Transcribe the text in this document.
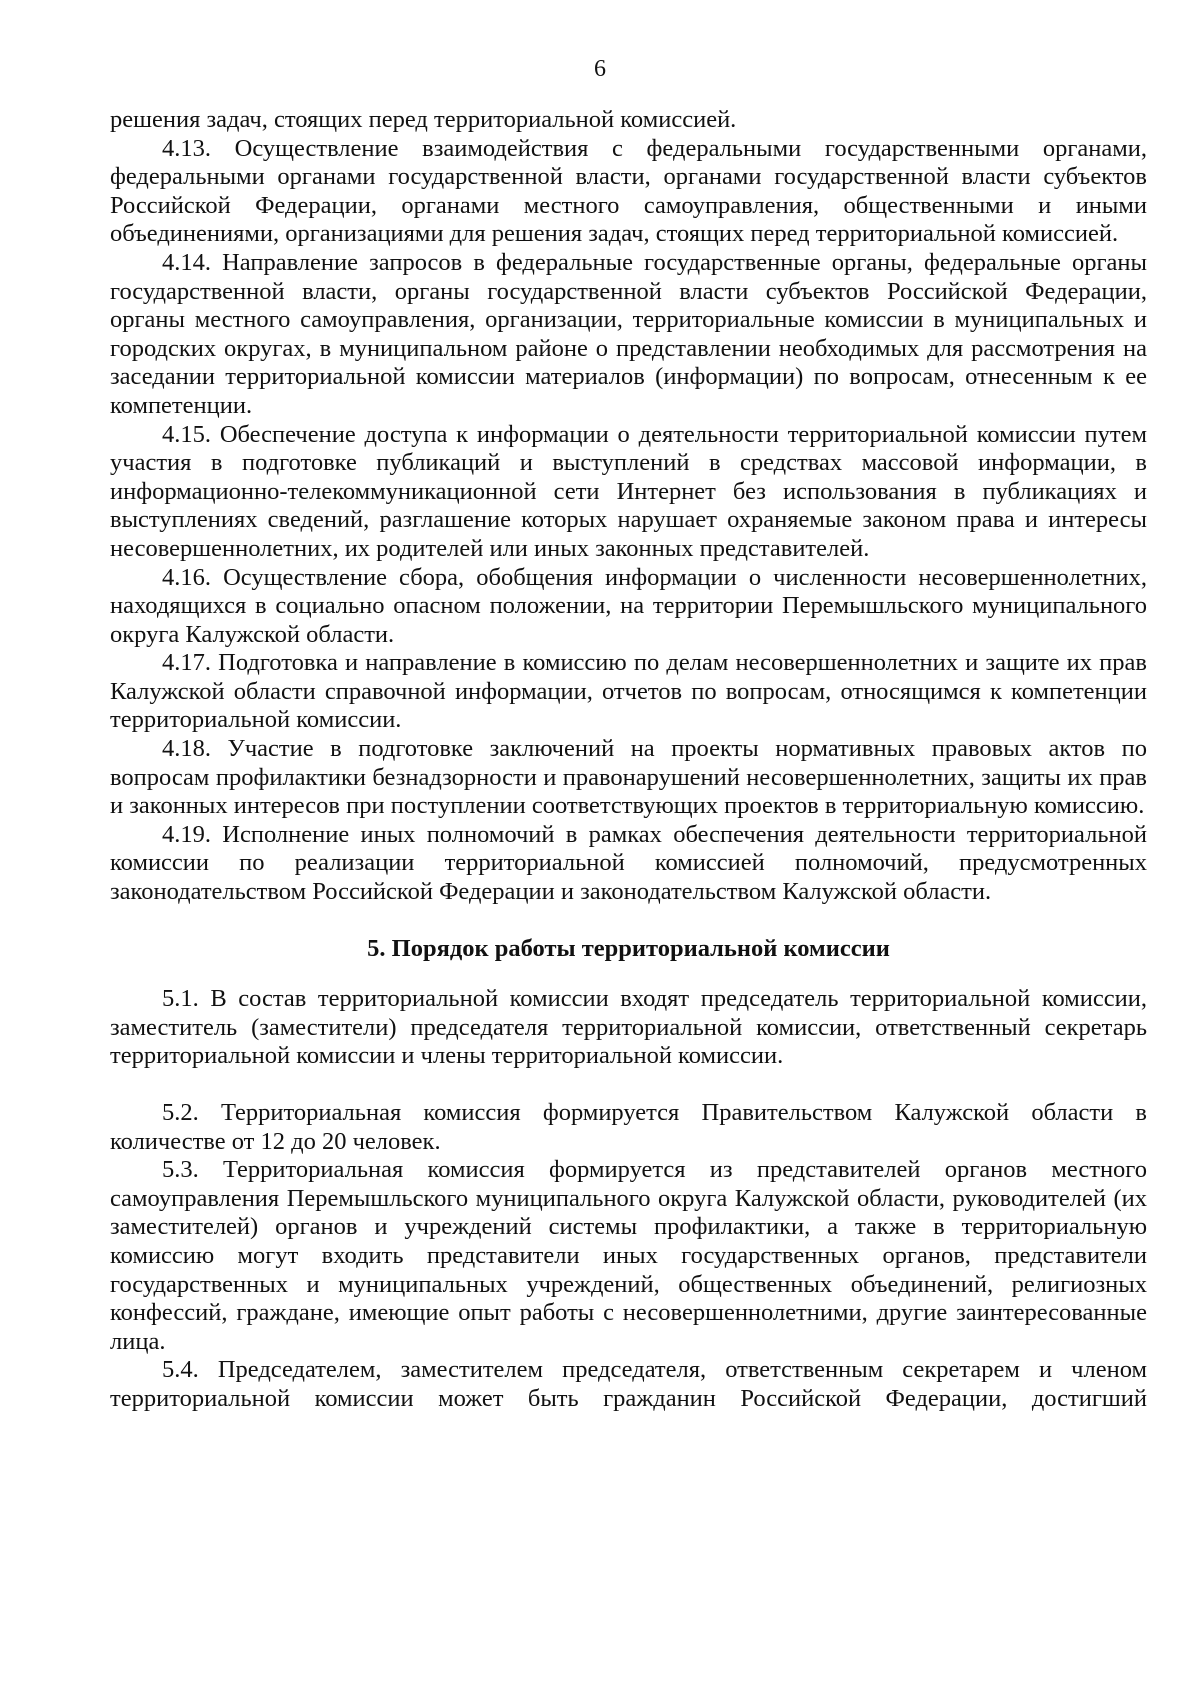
6

решения задач, стоящих перед территориальной комиссией.

4.13. Осуществление взаимодействия с федеральными государственными органами, федеральными органами государственной власти, органами государственной власти субъектов Российской Федерации, органами местного самоуправления, общественными и иными объединениями, организациями для решения задач, стоящих перед территориальной комиссией.

4.14. Направление запросов в федеральные государственные органы, федеральные органы государственной власти, органы государственной власти субъектов Российской Федерации, органы местного самоуправления, организации, территориальные комиссии в муниципальных и городских округах, в муниципальном районе о представлении необходимых для рассмотрения на заседании территориальной комиссии материалов (информации) по вопросам, отнесенным к ее компетенции.

4.15. Обеспечение доступа к информации о деятельности территориальной комиссии путем участия в подготовке публикаций и выступлений в средствах массовой информации, в информационно-телекоммуникационной сети Интернет без использования в публикациях и выступлениях сведений, разглашение которых нарушает охраняемые законом права и интересы несовершеннолетних, их родителей или иных законных представителей.

4.16. Осуществление сбора, обобщения информации о численности несовершеннолетних, находящихся в социально опасном положении, на территории Перемышльского муниципального округа Калужской области.

4.17. Подготовка и направление в комиссию по делам несовершеннолетних и защите их прав Калужской области справочной информации, отчетов по вопросам, относящимся к компетенции территориальной комиссии.

4.18. Участие в подготовке заключений на проекты нормативных правовых актов по вопросам профилактики безнадзорности и правонарушений несовершеннолетних, защиты их прав и законных интересов при поступлении соответствующих проектов в территориальную комиссию.

4.19. Исполнение иных полномочий в рамках обеспечения деятельности территориальной комиссии по реализации территориальной комиссией полномочий, предусмотренных законодательством Российской Федерации и законодательством Калужской области.

5. Порядок работы территориальной комиссии

5.1. В состав территориальной комиссии входят председатель территориальной комиссии, заместитель (заместители) председателя территориальной комиссии, ответственный секретарь территориальной комиссии и члены территориальной комиссии.

5.2. Территориальная комиссия формируется Правительством Калужской области в количестве от 12 до 20 человек.

5.3. Территориальная комиссия формируется из представителей органов местного самоуправления Перемышльского муниципального округа Калужской области, руководителей (их заместителей) органов и учреждений системы профилактики, а также в территориальную комиссию могут входить представители иных государственных органов, представители государственных и муниципальных учреждений, общественных объединений, религиозных конфессий, граждане, имеющие опыт работы с несовершеннолетними, другие заинтересованные лица.

5.4. Председателем, заместителем председателя, ответственным секретарем и членом территориальной комиссии может быть гражданин Российской Федерации, достигший
